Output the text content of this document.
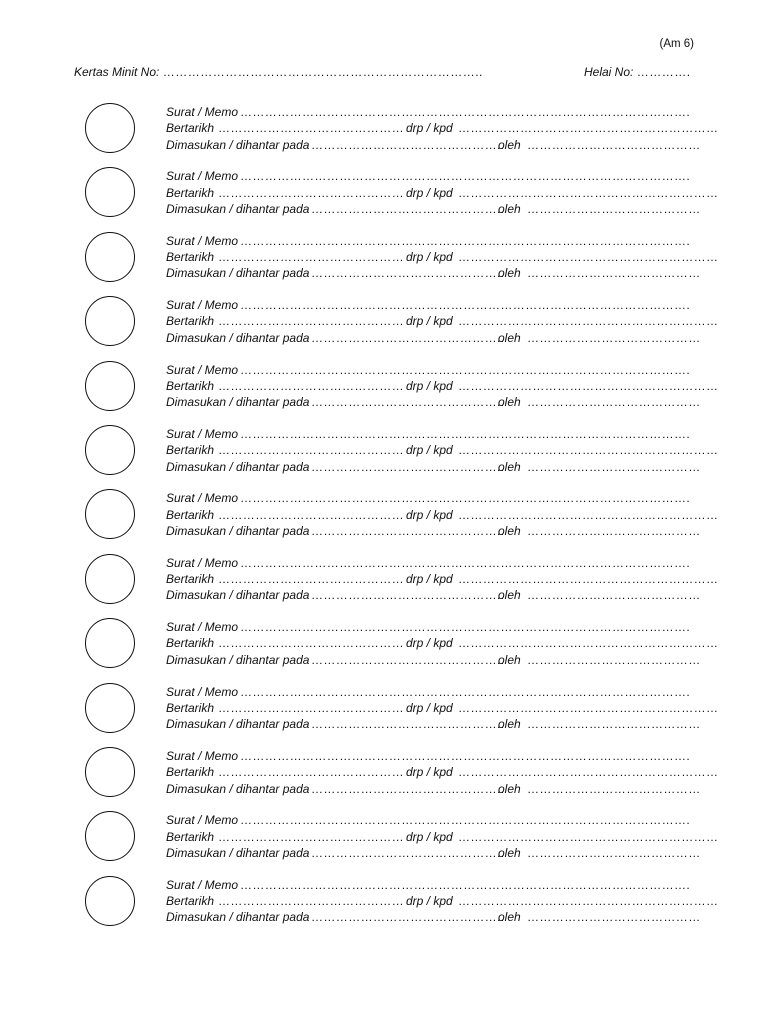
(Am 6)
Kertas Minit No: …………………………………………………………………..	Helai No: ………….
Surat / Memo ……………………………………………………………………………………………….
Bertarikh ……………………………………… drp / kpd ………………………………………………………
Dimasukan / dihantar pada ………………………………………..
oleh ……………………………………
Surat / Memo ……………………………………………………………………………………………….
Bertarikh ……………………………………… drp / kpd ………………………………………………………
Dimasukan / dihantar pada ………………………………………..
oleh ……………………………………
Surat / Memo ……………………………………………………………………………………………….
Bertarikh ……………………………………… drp / kpd ………………………………………………………
Dimasukan / dihantar pada ………………………………………..
oleh ……………………………………
Surat / Memo ……………………………………………………………………………………………….
Bertarikh ……………………………………… drp / kpd ………………………………………………………
Dimasukan / dihantar pada ………………………………………..
oleh ……………………………………
Surat / Memo ……………………………………………………………………………………………….
Bertarikh ……………………………………… drp / kpd ………………………………………………………
Dimasukan / dihantar pada ………………………………………..
oleh ……………………………………
Surat / Memo ……………………………………………………………………………………………….
Bertarikh ……………………………………… drp / kpd ………………………………………………………
Dimasukan / dihantar pada ………………………………………..
oleh ……………………………………
Surat / Memo ……………………………………………………………………………………………….
Bertarikh ……………………………………… drp / kpd ………………………………………………………
Dimasukan / dihantar pada ………………………………………..
oleh ……………………………………
Surat / Memo ……………………………………………………………………………………………….
Bertarikh ……………………………………… drp / kpd ………………………………………………………
Dimasukan / dihantar pada ………………………………………..
oleh ……………………………………
Surat / Memo ……………………………………………………………………………………………….
Bertarikh ……………………………………… drp / kpd ………………………………………………………
Dimasukan / dihantar pada ………………………………………..
oleh ……………………………………
Surat / Memo ……………………………………………………………………………………………….
Bertarikh ……………………………………… drp / kpd ………………………………………………………
Dimasukan / dihantar pada ………………………………………..
oleh ……………………………………
Surat / Memo ……………………………………………………………………………………………….
Bertarikh ……………………………………… drp / kpd ………………………………………………………
Dimasukan / dihantar pada ………………………………………..
oleh ……………………………………
Surat / Memo ……………………………………………………………………………………………….
Bertarikh ……………………………………… drp / kpd ………………………………………………………
Dimasukan / dihantar pada ………………………………………..
oleh ……………………………………
Surat / Memo ……………………………………………………………………………………………….
Bertarikh ……………………………………… drp / kpd ………………………………………………………
Dimasukan / dihantar pada ………………………………………..
oleh ……………………………………
